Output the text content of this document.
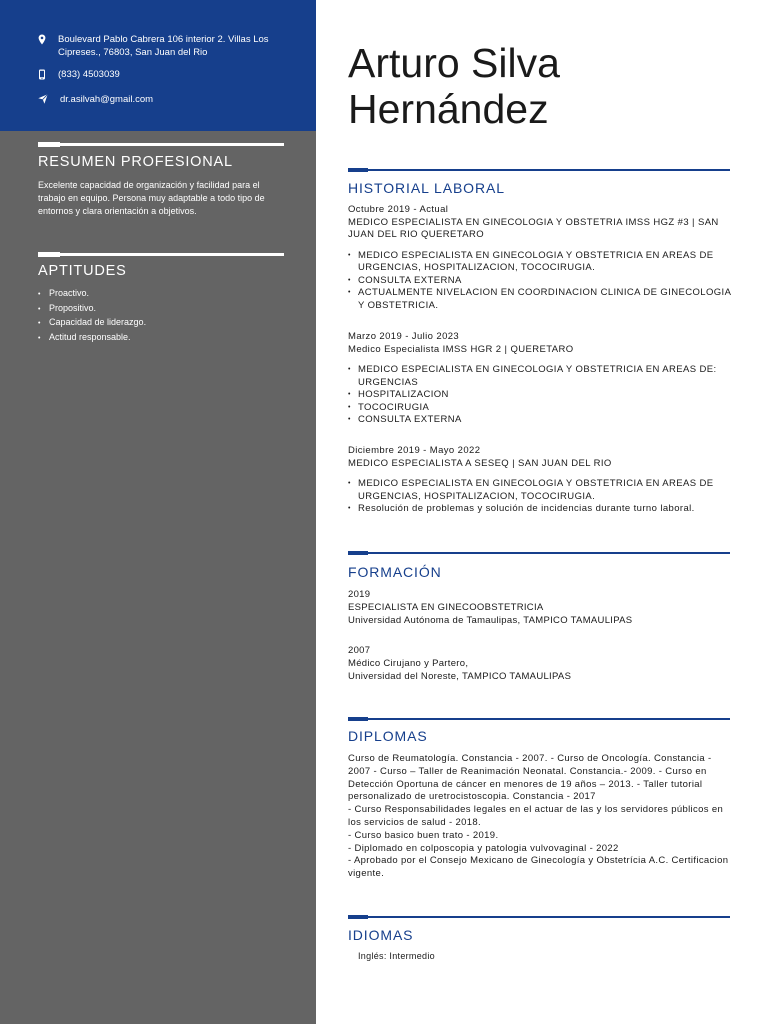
Boulevard Pablo Cabrera 106 interior 2. Villas Los Cipreses., 76803, San Juan del Rio
(833) 4503039
dr.asilvah@gmail.com
RESUMEN PROFESIONAL
Excelente capacidad de organización y facilidad para el trabajo en equipo. Persona muy adaptable a todo tipo de entornos y clara orientación a objetivos.
APTITUDES
• Proactivo.
• Propositivo.
• Capacidad de liderazgo.
• Actitud responsable.
Arturo Silva
Hernández
HISTORIAL LABORAL
Octubre 2019 - Actual
MEDICO ESPECIALISTA EN GINECOLOGIA Y OBSTETRIA IMSS HGZ #3 | SAN JUAN DEL RIO QUERETARO
• MEDICO ESPECIALISTA EN GINECOLOGIA Y OBSTETRICIA EN AREAS DE URGENCIAS, HOSPITALIZACION, TOCOCIRUGIA.
• CONSULTA EXTERNA
• ACTUALMENTE NIVELACION EN COORDINACION CLINICA DE GINECOLOGIA Y OBSTETRICIA.
Marzo 2019 - Julio 2023
Medico Especialista IMSS HGR 2 | QUERETARO
• MEDICO ESPECIALISTA EN GINECOLOGIA Y OBSTETRICIA EN AREAS DE: URGENCIAS
• HOSPITALIZACION
• TOCOCIRUGIA
• CONSULTA EXTERNA
Diciembre 2019 - Mayo 2022
MEDICO ESPECIALISTA A SESEQ | SAN JUAN DEL RIO
• MEDICO ESPECIALISTA EN GINECOLOGIA Y OBSTETRICIA EN AREAS DE URGENCIAS, HOSPITALIZACION, TOCOCIRUGIA.
• Resolución de problemas y solución de incidencias durante turno laboral.
FORMACIÓN
2019
ESPECIALISTA EN GINECOOBSTETRICIA
Universidad Autónoma de Tamaulipas, TAMPICO TAMAULIPAS
2007
Médico Cirujano y Partero,
Universidad del Noreste, TAMPICO TAMAULIPAS
DIPLOMAS
Curso de Reumatología. Constancia - 2007. - Curso de Oncología. Constancia - 2007 - Curso – Taller de Reanimación Neonatal. Constancia.- 2009. - Curso en Detección Oportuna de cáncer en menores de 19 años – 2013. - Taller tutorial personalizado de uretrocistoscopia. Constancia - 2017
- Curso Responsabilidades legales en el actuar de las y los servidores públicos en los servicios de salud - 2018.
- Curso basico buen trato - 2019.
- Diplomado en colposcopia y patologia vulvovaginal - 2022
- Aprobado por el Consejo Mexicano de Ginecología y Obstetrícia A.C. Certificacion vigente.
IDIOMAS
Inglés: Intermedio
